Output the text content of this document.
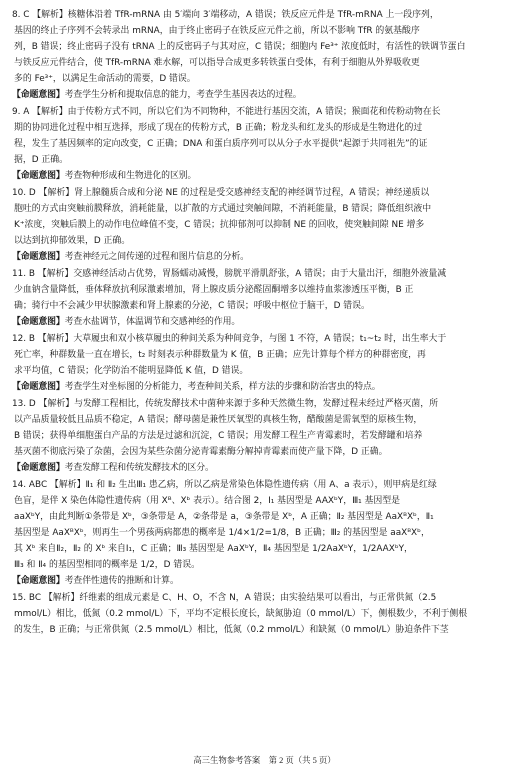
8. C 【解析】核糖体沿着 TfR-mRNA 由 5′端向 3′端移动，A 错误；铁反应元件是 TfR-mRNA 上一段序列，
基因的终止子序列不会转录出 mRNA，由于终止密码子在铁反应元件之前，所以不影响 TfR 的氨基酸序
列，B 错误；终止密码子没有 tRNA 上的反密码子与其对应，C 错误；细胞内 Fe³⁺ 浓度低时，有活性的铁调节蛋白
与铁反应元件结合，使 TfR-mRNA 难水解，可以指导合成更多转铁蛋白受体，有利于细胞从外界吸收更
多的 Fe³⁺，以满足生命活动的需要，D 错误。
【命题意图】考查学生分析和提取信息的能力，考查学生基因表达的过程。
9. A 【解析】由于传粉方式不同，所以它们为不同物种，不能进行基因交流，A 错误；猴面花和传粉动物在长
期的协同进化过程中相互选择，形成了现在的传粉方式，B 正确；粉龙头和红龙头的形成是生物进化的过
程，发生了基因频率的定向改变，C 正确；DNA 和蛋白质序列可以从分子水平提供“起源于共同祖先”的证
据，D 正确。
【命题意图】考查物种形成和生物进化的区别。
10. D 【解析】肾上腺髓质合成和分泌 NE 的过程是受交感神经支配的神经调节过程，A 错误；神经递质以
胞吐的方式由突触前膜释放，消耗能量，以扩散的方式通过突触间隙，不消耗能量，B 错误；降低组织液中
K⁺浓度，突触后膜上的动作电位峰值不变，C 错误；抗抑郁剂可以抑制 NE 的回收，使突触间隙 NE 增多
以达到抗抑郁效果，D 正确。
【命题意图】考查神经元之间传递的过程和图片信息的分析。
11. B 【解析】交感神经活动占优势，胃肠蠕动减慢，膀胱平滑肌舒张，A 错误；由于大量出汗，细胞外液量减
少血钠含量降低，垂体释放抗利尿激素增加，肾上腺皮质分泌醛固酮增多以维持血浆渗透压平衡，B 正
确；骑行中不会减少甲状腺激素和肾上腺素的分泌，C 错误；呼吸中枢位于脑干，D 错误。
【命题意图】考查水盐调节，体温调节和交感神经的作用。
12. B 【解析】大草履虫和双小核草履虫的种间关系为种间竞争，与图 1 不符，A 错误；t₁~t₂ 时，出生率大于
死亡率，种群数量一直在增长，t₂ 时刻表示种群数量为 K 值，B 正确；应先计算每个样方的种群密度，再
求平均值，C 错误；化学防治不能明显降低 K 值，D 错误。
【命题意图】考查学生对坐标图的分析能力，考查种间关系，样方法的步骤和防治害虫的特点。
13. D 【解析】与发酵工程相比，传统发酵技术中菌种来源于多种天然微生物，发酵过程未经过严格灭菌，所
以产品质量较低且品质不稳定，A 错误；酵母菌是兼性厌氧型的真核生物，醋酸菌是需氧型的原核生物，
B 错误；获得单细胞蛋白产品的方法是过滤和沉淀，C 错误；用发酵工程生产青霉素时，若发酵罐和培养
基灭菌不彻底污染了杂菌，会因为某些杂菌分泌青霉素酶分解掉青霉素而使产量下降，D 正确。
【命题意图】考查发酵工程和传统发酵技术的区分。
14. ABC 【解析】Ⅱ₁ 和 Ⅱ₂ 生出Ⅲ₁ 患乙病，所以乙病是常染色体隐性遗传病（用 A、a 表示），则甲病是红绿
色盲，是伴 X 染色体隐性遗传病（用 Xᴮ、Xᵇ 表示）。结合图 2，Ⅰ₁ 基因型是 AAXᵇY，Ⅲ₁ 基因型是
aaXᵇY，由此判断①条带是 Xᵇ，③条带是 A，②条带是 a，③条带是 Xᵇ，A 正确；Ⅱ₂ 基因型是 AaXᴮXᵇ，Ⅱ₁
基因型是 AaXᴮXᵇ，则再生一个男孩两病都患的概率是 1/4×1/2=1/8，B 正确；Ⅲ₂ 的基因型是 aaXᴮXᵇ，
其 Xᵇ 来自Ⅱ₂，Ⅱ₂ 的 Xᵇ 来自Ⅰ₁，C 正确；Ⅲ₃ 基因型是 AaXᵇY，Ⅱ₄ 基因型是 1/2AaXᵇY，1/2AAXᵇY，
Ⅲ₃ 和 Ⅱ₄ 的基因型相同的概率是 1/2，D 错误。
【命题意图】考查伴性遗传的推断和计算。
15. BC 【解析】纤维素的组成元素是 C、H、O，不含 N，A 错误；由实验结果可以看出，与正常供氮（2.5
mmol/L）相比，低氮（0.2 mmol/L）下，平均不定根长度长，缺氮胁迫（0 mmol/L）下，侧根数少，不利于侧根
的发生，B 正确；与正常供氮（2.5 mmol/L）相比，低氮（0.2 mmol/L）和缺氮（0 mmol/L）胁迫条件下茎
高三生物参考答案　第 2 页（共 5 页）
